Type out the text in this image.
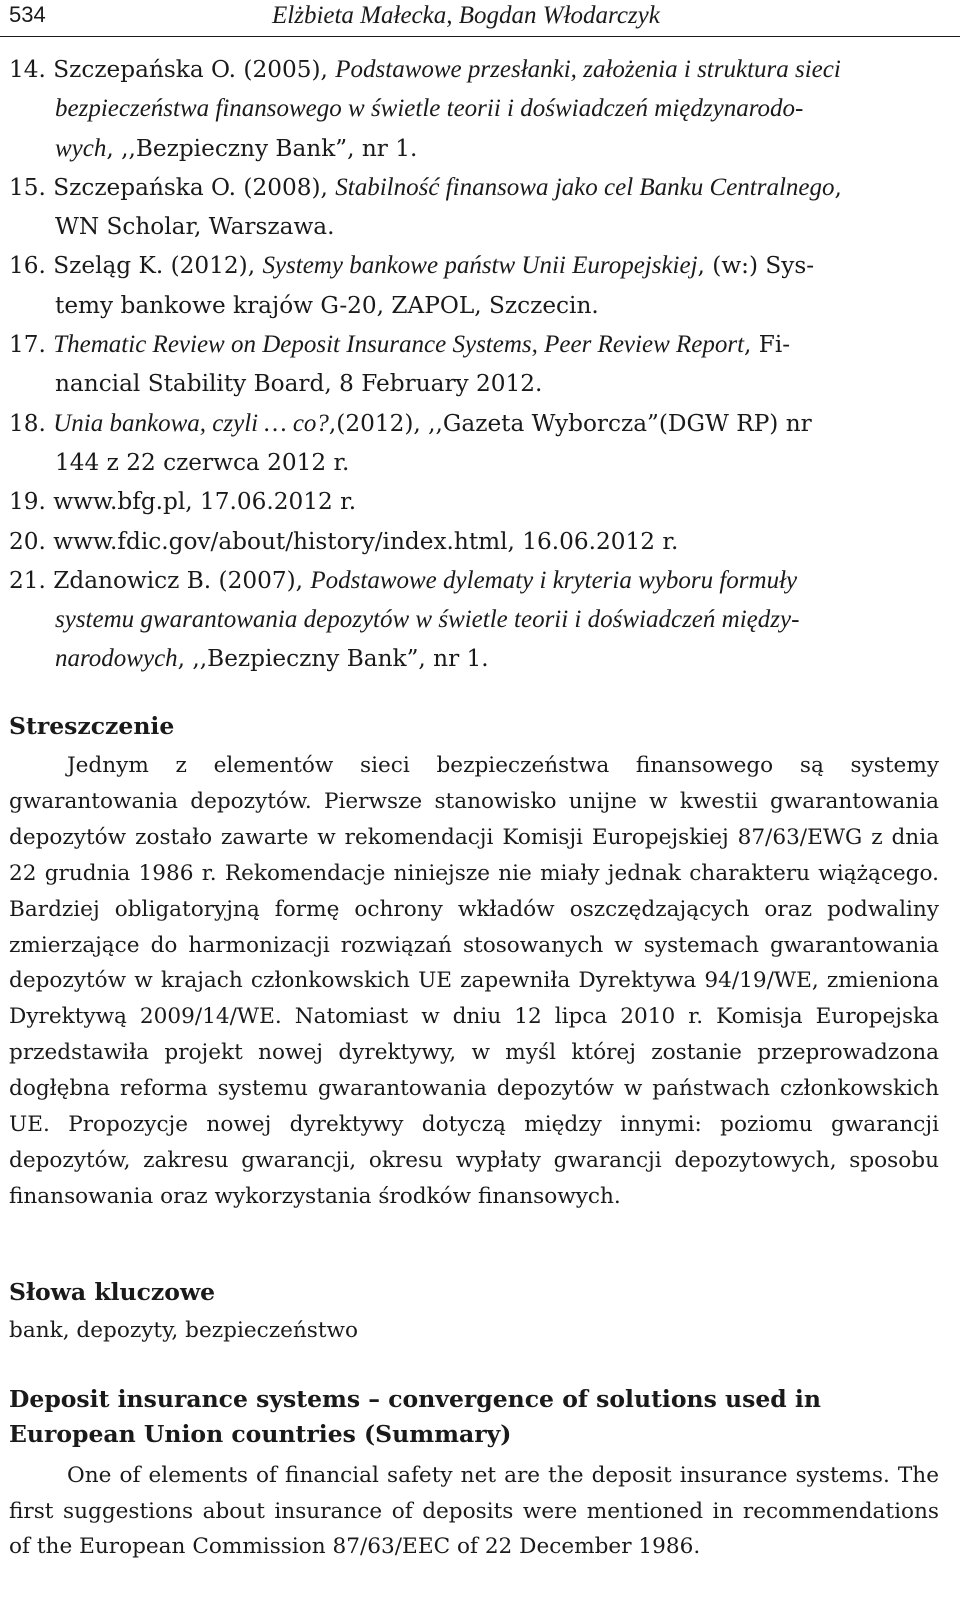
534	Elżbieta Małecka, Bogdan Włodarczyk
14. Szczepańska O. (2005), Podstawowe przesłanki, założenia i struktura sieci
bezpieczeństwa finansowego w świetle teorii i doświadczeń międzynarodo-
wych, ,,Bezpieczny Bank”, nr 1.
15. Szczepańska O. (2008), Stabilność finansowa jako cel Banku Centralnego,
WN Scholar, Warszawa.
16. Szeląg K. (2012), Systemy bankowe państw Unii Europejskiej, (w:) Sys-
temy bankowe krajów G-20, ZAPOL, Szczecin.
17. Thematic Review on Deposit Insurance Systems, Peer Review Report, Fi-
nancial Stability Board, 8 February 2012.
18. Unia bankowa, czyli … co?,(2012), ,,Gazeta Wyborcza”(DGW RP) nr
144 z 22 czerwca 2012 r.
19. www.bfg.pl, 17.06.2012 r.
20. www.fdic.gov/about/history/index.html, 16.06.2012 r.
21. Zdanowicz B. (2007), Podstawowe dylematy i kryteria wyboru formuły
systemu gwarantowania depozytów w świetle teorii i doświadczeń między-
narodowych, ,,Bezpieczny Bank”, nr 1.
Streszczenie

Jednym z elementów sieci bezpieczeństwa finansowego są systemy gwarantowania depozytów. Pierwsze stanowisko unijne w kwestii gwarantowania depozytów zostało zawarte w rekomendacji Komisji Europejskiej 87/63/EWG z dnia 22 grudnia 1986 r. Rekomendacje niniejsze nie miały jednak charakteru wiążącego. Bardziej obligatoryjną formę ochrony wkładów oszczędzających oraz podwaliny zmierzające do harmonizacji rozwiązań stosowanych w systemach gwarantowania depozytów w krajach członkowskich UE zapewniła Dyrektywa 94/19/WE, zmieniona Dyrektywą 2009/14/WE. Natomiast w dniu 12 lipca 2010 r. Komisja Europejska przedstawiła projekt nowej dyrektywy, w myśl której zostanie przeprowadzona dogłębna reforma systemu gwarantowania depozytów w państwach członkowskich UE. Propozycje nowej dyrektywy dotyczą między innymi: poziomu gwarancji depozytów, zakresu gwarancji, okresu wypłaty gwarancji depozytowych, sposobu finansowania oraz wykorzystania środków finansowych.

Słowa kluczowe
bank, depozyty, bezpieczeństwo

Deposit insurance systems – convergence of solutions used in European Union countries (Summary)

One of elements of financial safety net are the deposit insurance systems. The first suggestions about insurance of deposits were mentioned in recommendations of the European Commission 87/63/EEC of 22 December 1986.
